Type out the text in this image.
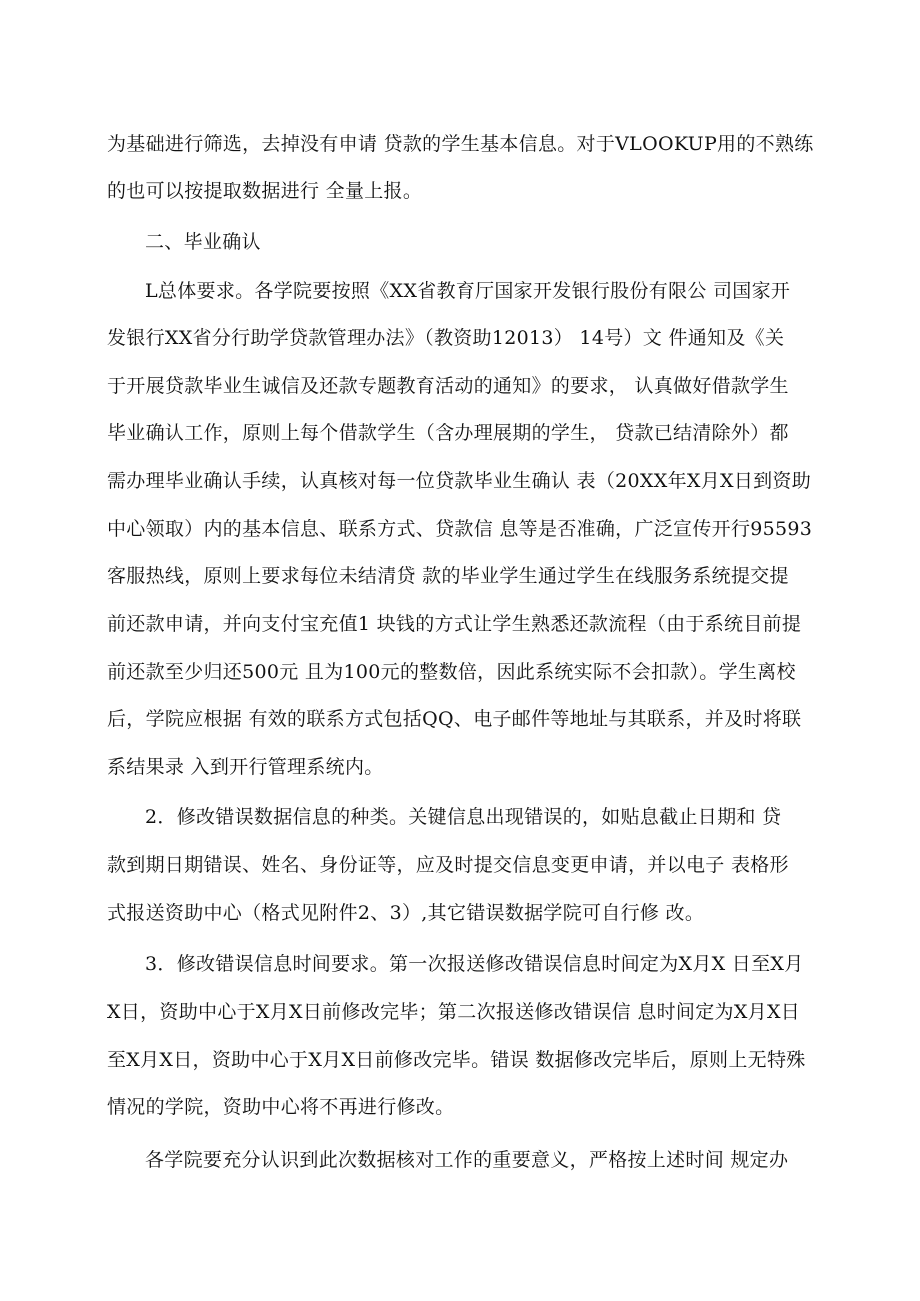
为基础进行筛选，去掉没有申请 贷款的学生基本信息。对于VLOOKUP用的不熟练
的也可以按提取数据进行 全量上报。
二、毕业确认
L总体要求。各学院要按照《XX省教育厅国家开发银行股份有限公 司国家开
发银行XX省分行助学贷款管理办法》（教资助12013） 14号）文 件通知及《关
于开展贷款毕业生诚信及还款专题教育活动的通知》的要求， 认真做好借款学生
毕业确认工作，原则上每个借款学生（含办理展期的学生， 贷款已结清除外）都
需办理毕业确认手续，认真核对每一位贷款毕业生确认 表（20XX年X月X日到资助
中心领取）内的基本信息、联系方式、贷款信 息等是否准确，广泛宣传开行95593
客服热线，原则上要求每位未结清贷 款的毕业学生通过学生在线服务系统提交提
前还款申请，并向支付宝充值1 块钱的方式让学生熟悉还款流程（由于系统目前提
前还款至少归还500元 且为100元的整数倍，因此系统实际不会扣款）。学生离校
后，学院应根据 有效的联系方式包括QQ、电子邮件等地址与其联系，并及时将联
系结果录 入到开行管理系统内。
2．修改错误数据信息的种类。关键信息出现错误的，如贴息截止日期和 贷
款到期日期错误、姓名、身份证等，应及时提交信息变更申请，并以电子 表格形
式报送资助中心（格式见附件2、3）,其它错误数据学院可自行修 改。
3．修改错误信息时间要求。第一次报送修改错误信息时间定为X月X 日至X月
X日，资助中心于X月X日前修改完毕；第二次报送修改错误信 息时间定为X月X日
至X月X日，资助中心于X月X日前修改完毕。错误 数据修改完毕后，原则上无特殊
情况的学院，资助中心将不再进行修改。
各学院要充分认识到此次数据核对工作的重要意义，严格按上述时间 规定办
